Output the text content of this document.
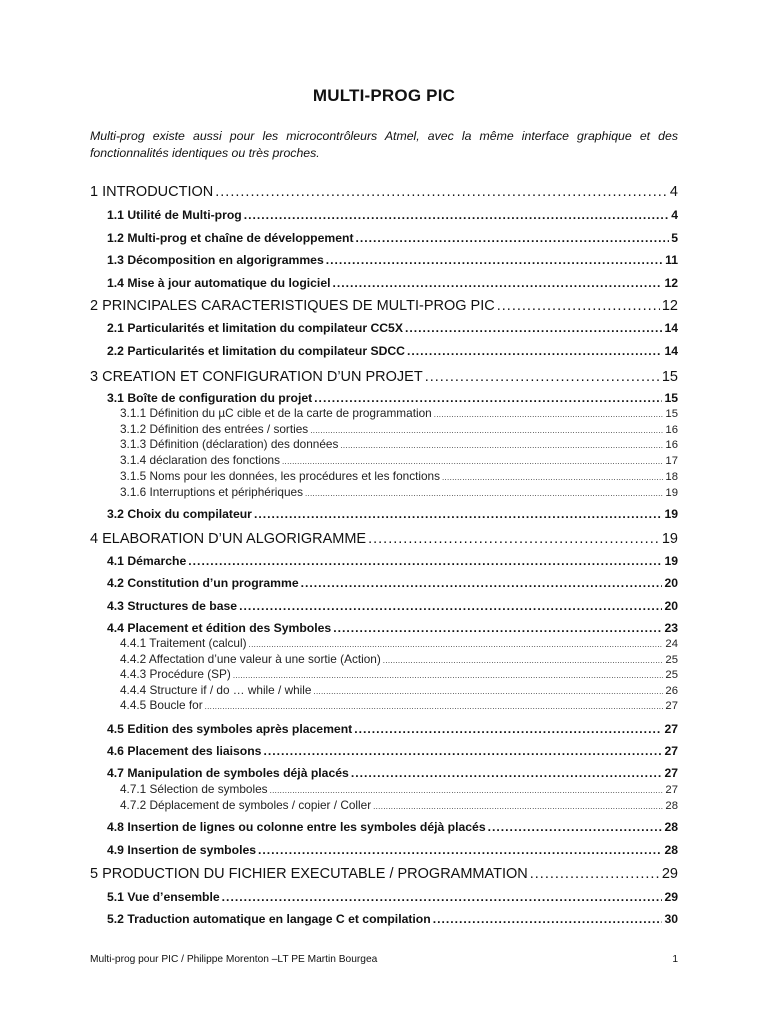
MULTI-PROG PIC
Multi-prog existe aussi pour les microcontrôleurs Atmel, avec la même interface graphique et des fonctionnalités identiques ou très proches.
1 INTRODUCTION .....	4
1.1 Utilité de Multi-prog .....	4
1.2 Multi-prog et chaîne de développement .....	5
1.3 Décomposition en algorigrammes .....	11
1.4 Mise à jour automatique du logiciel .....	12
2 PRINCIPALES CARACTERISTIQUES DE MULTI-PROG PIC .....	12
2.1 Particularités et limitation du compilateur CC5X .....	14
2.2 Particularités et limitation du compilateur SDCC .....	14
3 CREATION ET CONFIGURATION D’UN PROJET .....	15
3.1 Boîte de configuration du projet .....	15
3.1.1 Définition du µC cible et de la carte de programmation .....	15
3.1.2 Définition des entrées / sorties .....	16
3.1.3 Définition (déclaration) des données .....	16
3.1.4 déclaration des fonctions .....	17
3.1.5 Noms pour les données, les procédures et les fonctions .....	18
3.1.6 Interruptions et périphériques .....	19
3.2 Choix du compilateur .....	19
4 ELABORATION D’UN ALGORIGRAMME .....	19
4.1 Démarche .....	19
4.2 Constitution d’un programme .....	20
4.3 Structures de base .....	20
4.4 Placement et édition des Symboles .....	23
4.4.1 Traitement (calcul) .....	24
4.4.2 Affectation d’une valeur à une sortie (Action) .....	25
4.4.3 Procédure (SP) .....	25
4.4.4 Structure if / do … while / while .....	26
4.4.5 Boucle for .....	27
4.5 Edition des symboles après placement .....	27
4.6 Placement des liaisons .....	27
4.7 Manipulation de symboles déjà placés .....	27
4.7.1 Sélection de symboles .....	27
4.7.2 Déplacement de symboles / copier / Coller .....	28
4.8 Insertion de lignes ou colonne entre les symboles déjà placés .....	28
4.9 Insertion de symboles .....	28
5 PRODUCTION DU FICHIER EXECUTABLE / PROGRAMMATION .....	29
5.1 Vue d’ensemble .....	29
5.2 Traduction automatique en langage C et compilation .....	30
Multi-prog pour PIC / Philippe Morenton –LT PE Martin Bourgea	1
